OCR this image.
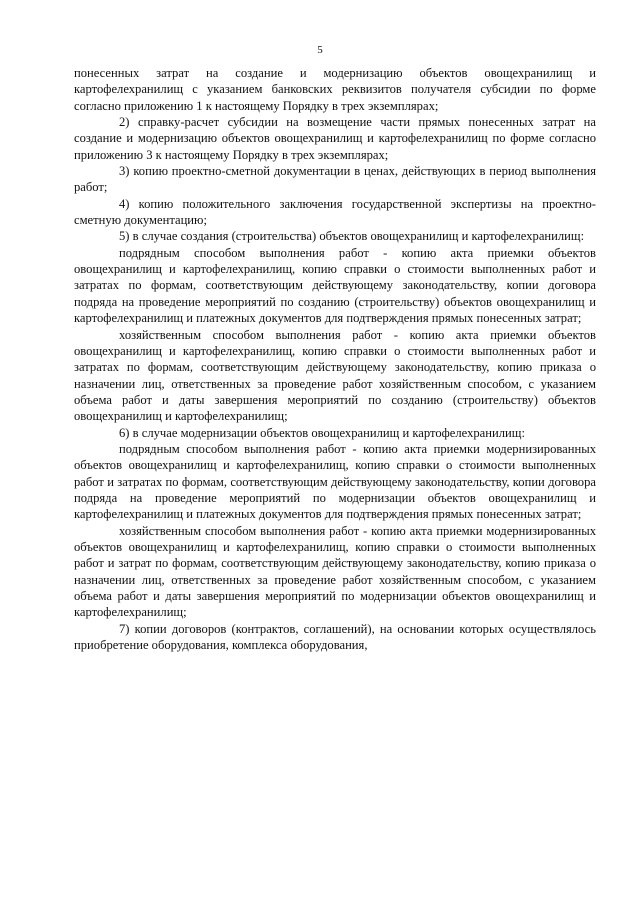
5

понесенных затрат на создание и модернизацию объектов овощехранилищ и картофелехранилищ с указанием банковских реквизитов получателя субсидии по форме согласно приложению 1 к настоящему Порядку в трех экземплярах;

2) справку-расчет субсидии на возмещение части прямых понесенных затрат на создание и модернизацию объектов овощехранилищ и картофелехранилищ по форме согласно приложению 3 к настоящему Порядку в трех экземплярах;

3) копию проектно-сметной документации в ценах, действующих в период выполнения работ;

4) копию положительного заключения государственной экспертизы на проектно-сметную документацию;

5) в случае создания (строительства) объектов овощехранилищ и картофелехранилищ:

подрядным способом выполнения работ - копию акта приемки объектов овощехранилищ и картофелехранилищ, копию справки о стоимости выполненных работ и затратах по формам, соответствующим действующему законодательству, копии договора подряда на проведение мероприятий по созданию (строительству) объектов овощехранилищ и картофелехранилищ и платежных документов для подтверждения прямых понесенных затрат;

хозяйственным способом выполнения работ - копию акта приемки объектов овощехранилищ и картофелехранилищ, копию справки о стоимости выполненных работ и затратах по формам, соответствующим действующему законодательству, копию приказа о назначении лиц, ответственных за проведение работ хозяйственным способом, с указанием объема работ и даты завершения мероприятий по созданию (строительству) объектов овощехранилищ и картофелехранилищ;

6) в случае модернизации объектов овощехранилищ и картофелехранилищ:

подрядным способом выполнения работ - копию акта приемки модернизированных объектов овощехранилищ и картофелехранилищ, копию справки о стоимости выполненных работ и затратах по формам, соответствующим действующему законодательству, копии договора подряда на проведение мероприятий по модернизации объектов овощехранилищ и картофелехранилищ и платежных документов для подтверждения прямых понесенных затрат;

хозяйственным способом выполнения работ - копию акта приемки модернизированных объектов овощехранилищ и картофелехранилищ, копию справки о стоимости выполненных работ и затрат по формам, соответствующим действующему законодательству, копию приказа о назначении лиц, ответственных за проведение работ хозяйственным способом, с указанием объема работ и даты завершения мероприятий по модернизации объектов овощехранилищ и картофелехранилищ;

7) копии договоров (контрактов, соглашений), на основании которых осуществлялось приобретение оборудования, комплекса оборудования,
